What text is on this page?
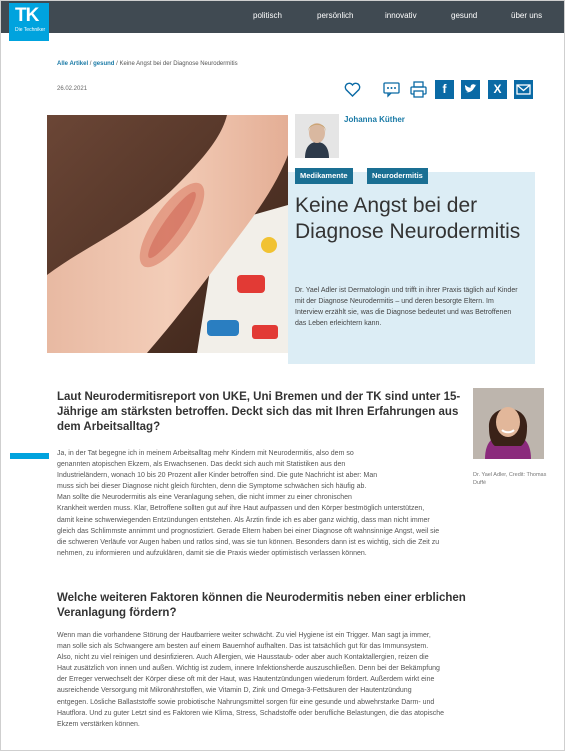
politisch	persönlich	innovativ	gesund	über uns
TK
Die Techniker
Alle Artikel / gesund / Keine Angst bei der Diagnose Neurodermitis
26.02.2021	f	X
Johanna Küther
Medikamente	Neurodermitis
Keine Angst bei der Diagnose Neurodermitis

Dr. Yael Adler ist Dermatologin und trifft in ihrer Praxis täglich auf Kinder mit der Diagnose Neurodermitis – und deren besorgte Eltern. Im Interview erzählt sie, was die Diagnose bedeutet und was Betroffenen das Leben erleichtern kann.

Laut Neurodermitisreport von UKE, Uni Bremen und der TK sind unter 15-Jährige am stärksten betroffen. Deckt sich das mit Ihren Erfahrungen aus dem Arbeitsalltag?
Dr. Yael Adler, Credit: Thomas Duffé
Ja, in der Tat begegne ich in meinem Arbeitsalltag mehr Kindern mit Neurodermitis, also dem so
genannten atopischen Ekzem, als Erwachsenen. Das deckt sich auch mit Statistiken aus den
Industrieländern, wonach 10 bis 20 Prozent aller Kinder betroffen sind. Die gute Nachricht ist aber: Man
muss sich bei dieser Diagnose nicht gleich fürchten, denn die Symptome schwächen sich häufig ab.
Man sollte die Neurodermitis als eine Veranlagung sehen, die nicht immer zu einer chronischen
Krankheit werden muss. Klar, Betroffene sollten gut auf ihre Haut aufpassen und den Körper bestmöglich unterstützen,
damit keine schwerwiegenden Entzündungen entstehen. Als Ärztin finde ich es aber ganz wichtig, dass man nicht immer
gleich das Schlimmste annimmt und prognostiziert. Gerade Eltern haben bei einer Diagnose oft wahnsinnige Angst, weil sie
die schweren Verläufe vor Augen haben und ratlos sind, was sie tun können. Besonders dann ist es wichtig, sich die Zeit zu
nehmen, zu informieren und aufzuklären, damit sie die Praxis wieder optimistisch verlassen können.
Welche weiteren Faktoren können die Neurodermitis neben einer erblichen Veranlagung fördern?
Wenn man die vorhandene Störung der Hautbarriere weiter schwächt. Zu viel Hygiene ist ein Trigger. Man sagt ja immer,
man solle sich als Schwangere am besten auf einem Bauernhof aufhalten. Das ist tatsächlich gut für das Immunsystem.
Also, nicht zu viel reinigen und desinfizieren. Auch Allergien, wie Hausstaub- oder aber auch Kontaktallergien, reizen die
Haut zusätzlich von innen und außen. Wichtig ist zudem, innere Infektionsherde auszuschließen. Denn bei der Bekämpfung
der Erreger verwechselt der Körper diese oft mit der Haut, was Hautentzündungen wiederum fördert. Außerdem wirkt eine
ausreichende Versorgung mit Mikronährstoffen, wie Vitamin D, Zink und Omega-3-Fettsäuren der Hautentzündung
entgegen. Lösliche Ballaststoffe sowie probiotische Nahrungsmittel sorgen für eine gesunde und abwehrstarke Darm- und
Hautflora. Und zu guter Letzt sind es Faktoren wie Klima, Stress, Schadstoffe oder berufliche Belastungen, die das atopische
Ekzem verstärken können.
